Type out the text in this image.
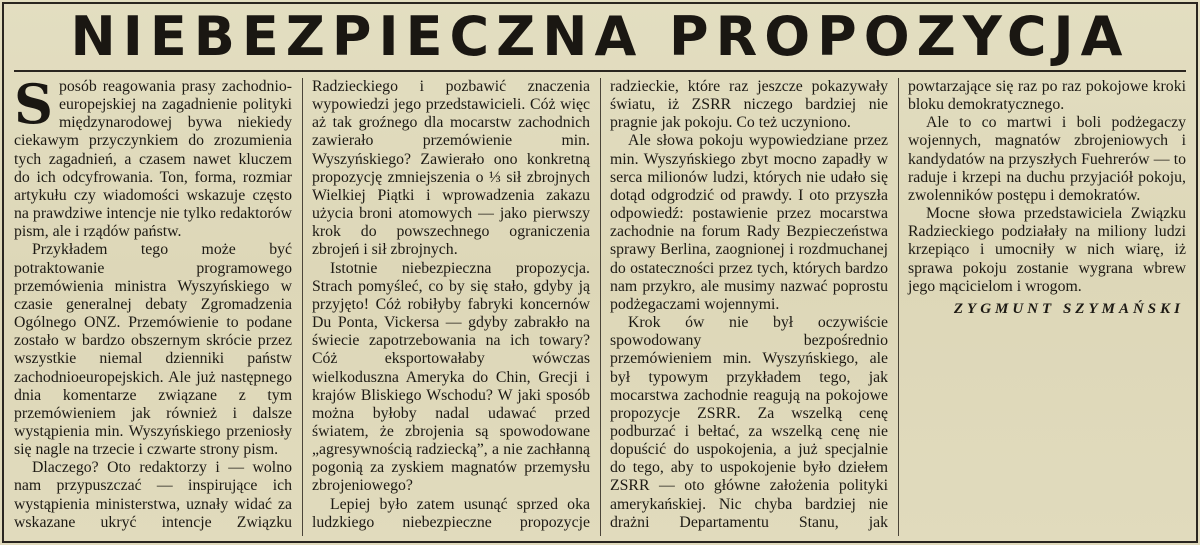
NIEBEZPIECZNA PROPOZYCJA

Sposób reagowania prasy zachodnio-europejskiej na zagadnienie polityki międzynarodowej bywa niekiedy ciekawym przyczynkiem do zrozumienia tych zagadnień, a czasem nawet kluczem do ich odcyfrowania. Ton, forma, rozmiar artykułu czy wiadomości wskazuje często na prawdziwe intencje nie tylko redaktorów pism, ale i rządów państw.

Przykładem tego może być potraktowanie programowego przemówienia ministra Wyszyńskiego w czasie generalnej debaty Zgromadzenia Ogólnego ONZ. Przemówienie to podane zostało w bardzo obszernym skrócie przez wszystkie niemal dzienniki państw zachodnioeuropejskich. Ale już następnego dnia komentarze związane z tym przemówieniem jak również i dalsze wystąpienia min. Wyszyńskiego przeniosły się nagle na trzecie i czwarte strony pism.

Dlaczego? Oto redaktorzy i — wolno nam przypuszczać — inspirujące ich wystąpienia ministerstwa, uznały widać za wskazane ukryć intencje Związku Radzieckiego i pozbawić znaczenia wypowiedzi jego przedstawicieli. Cóż więc aż tak groźnego dla mocarstw zachodnich zawierało przemówienie min. Wyszyńskiego? Zawierało ono konkretną propozycję zmniejszenia o ⅓ sił zbrojnych Wielkiej Piątki i wprowadzenia zakazu użycia broni atomowych — jako pierwszy krok do powszechnego ograniczenia zbrojeń i sił zbrojnych.

Istotnie niebezpieczna propozycja. Strach pomyśleć, co by się stało, gdyby ją przyjęto! Cóż robiłyby fabryki koncernów Du Ponta, Vickersa — gdyby zabrakło na świecie zapotrzebowania na ich towary? Cóż eksportowałaby wówczas wielkoduszna Ameryka do Chin, Grecji i krajów Bliskiego Wschodu? W jaki sposób można byłoby nadal udawać przed światem, że zbrojenia są spowodowane „agresywnością radziecką”, a nie zachłanną pogonią za zyskiem magnatów przemysłu zbrojeniowego?

Lepiej było zatem usunąć sprzed oka ludzkiego niebezpieczne propozycje radzieckie, które raz jeszcze pokazywały światu, iż ZSRR niczego bardziej nie pragnie jak pokoju. Co też uczyniono.

Ale słowa pokoju wypowiedziane przez min. Wyszyńskiego zbyt mocno zapadły w serca milionów ludzi, których nie udało się dotąd odgrodzić od prawdy. I oto przyszła odpowiedź: postawienie przez mocarstwa zachodnie na forum Rady Bezpieczeństwa sprawy Berlina, zaognionej i rozdmuchanej do ostateczności przez tych, których bardzo nam przykro, ale musimy nazwać poprostu podżegaczami wojennymi.

Krok ów nie był oczywiście spowodowany bezpośrednio przemówieniem min. Wyszyńskiego, ale był typowym przykładem tego, jak mocarstwa zachodnie reagują na pokojowe propozycje ZSRR. Za wszelką cenę podburzać i bełtać, za wszelką cenę nie dopuścić do uspokojenia, a już specjalnie do tego, aby to uspokojenie było dziełem ZSRR — oto główne założenia polityki amerykańskiej. Nic chyba bardziej nie drażni Departamentu Stanu, jak powtarzające się raz po raz pokojowe kroki bloku demokratycznego.

Ale to co martwi i boli podżegaczy wojennych, magnatów zbrojeniowych i kandydatów na przyszłych Fuehrerów — to raduje i krzepi na duchu przyjaciół pokoju, zwolenników postępu i demokratów.

Mocne słowa przedstawiciela Związku Radzieckiego podziałały na miliony ludzi krzepiąco i umocniły w nich wiarę, iż sprawa pokoju zostanie wygrana wbrew jego mącicielom i wrogom.

ZYGMUNT SZYMAŃSKI
